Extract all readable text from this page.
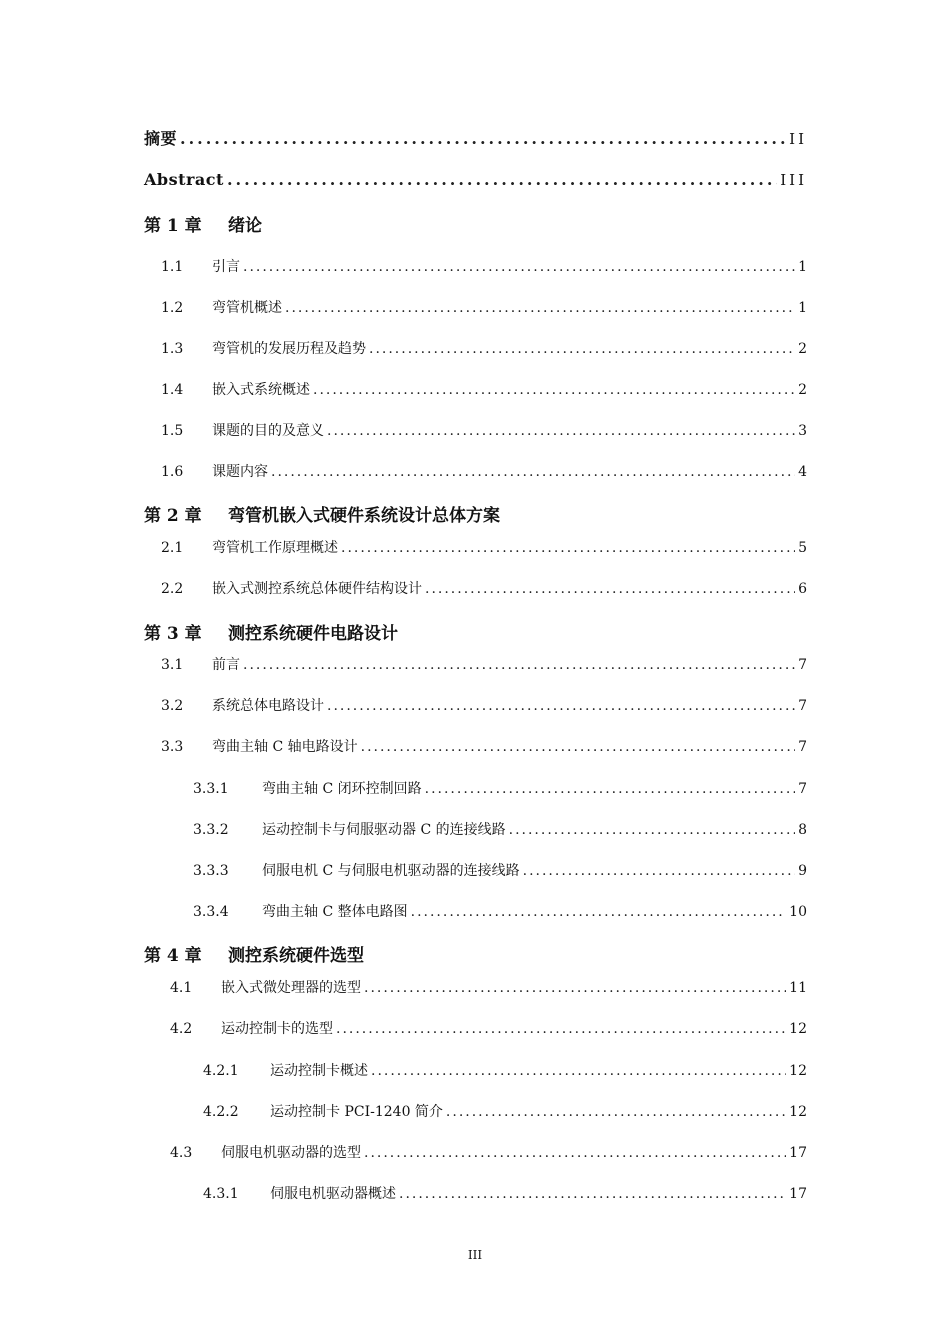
摘要 .....	II
Abstract .....	III
第 1 章	绪论
1.1	引言 .....	1
1.2	弯管机概述 .....	1
1.3	弯管机的发展历程及趋势 .....	2
1.4	嵌入式系统概述 .....	2
1.5	课题的目的及意义 .....	3
1.6	课题内容 .....	4
第 2 章	弯管机嵌入式硬件系统设计总体方案
2.1	弯管机工作原理概述 .....	5
2.2	嵌入式测控系统总体硬件结构设计 .....	6
第 3 章	测控系统硬件电路设计
3.1	前言 .....	7
3.2	系统总体电路设计 .....	7
3.3	弯曲主轴 C 轴电路设计 .....	7
3.3.1	弯曲主轴 C 闭环控制回路 .....	7
3.3.2	运动控制卡与伺服驱动器 C 的连接线路 .....	8
3.3.3	伺服电机 C 与伺服电机驱动器的连接线路 .....	9
3.3.4	弯曲主轴 C 整体电路图 .....	10
第 4 章	测控系统硬件选型
4.1	嵌入式微处理器的选型 .....	11
4.2	运动控制卡的选型 .....	12
4.2.1	运动控制卡概述 .....	12
4.2.2	运动控制卡 PCI-1240 简介 .....	12
4.3	伺服电机驱动器的选型 .....	17
4.3.1	伺服电机驱动器概述 .....	17
III
